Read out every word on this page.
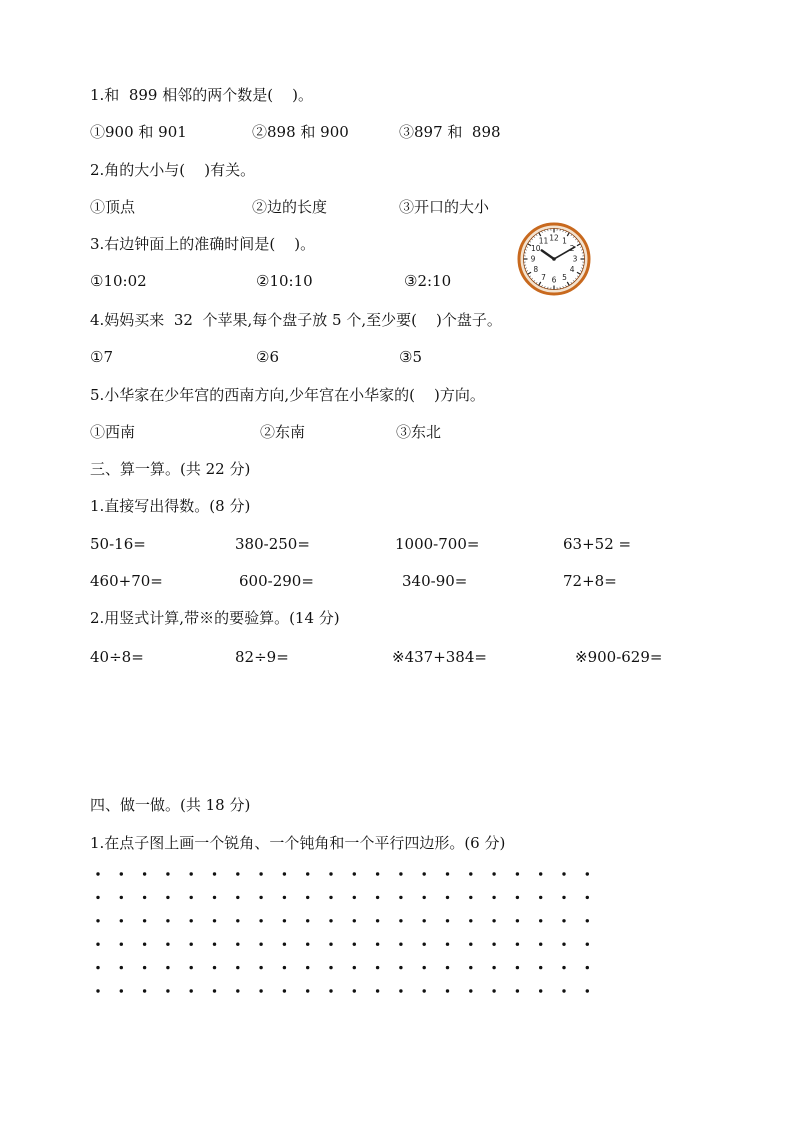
1.和  899 相邻的两个数是(    )。
①900 和 901	②898 和 900	③897 和  898
2.角的大小与(    )有关。
①顶点	②边的长度	③开口的大小
3.右边钟面上的准确时间是(    )。
①10:02	②10:10	③2:10
12 1
3
4
5
6
7
8
9
10
11
4.妈妈买来  32  个苹果,每个盘子放 5 个,至少要(    )个盘子。
①7	②6	③5
5.小华家在少年宫的西南方向,少年宫在小华家的(    )方向。
①西南	②东南	③东北
三、算一算。(共 22 分)
1.直接写出得数。(8 分)
50-16=	380-250=	1000-700=	63+52 =
460+70=	600-290=	340-90=	72+8=
2.用竖式计算,带※的要验算。(14 分)
40÷8=	82÷9=	※437+384=	※900-629=
四、做一做。(共 18 分)
1.在点子图上画一个锐角、一个钝角和一个平行四边形。(6 分)
